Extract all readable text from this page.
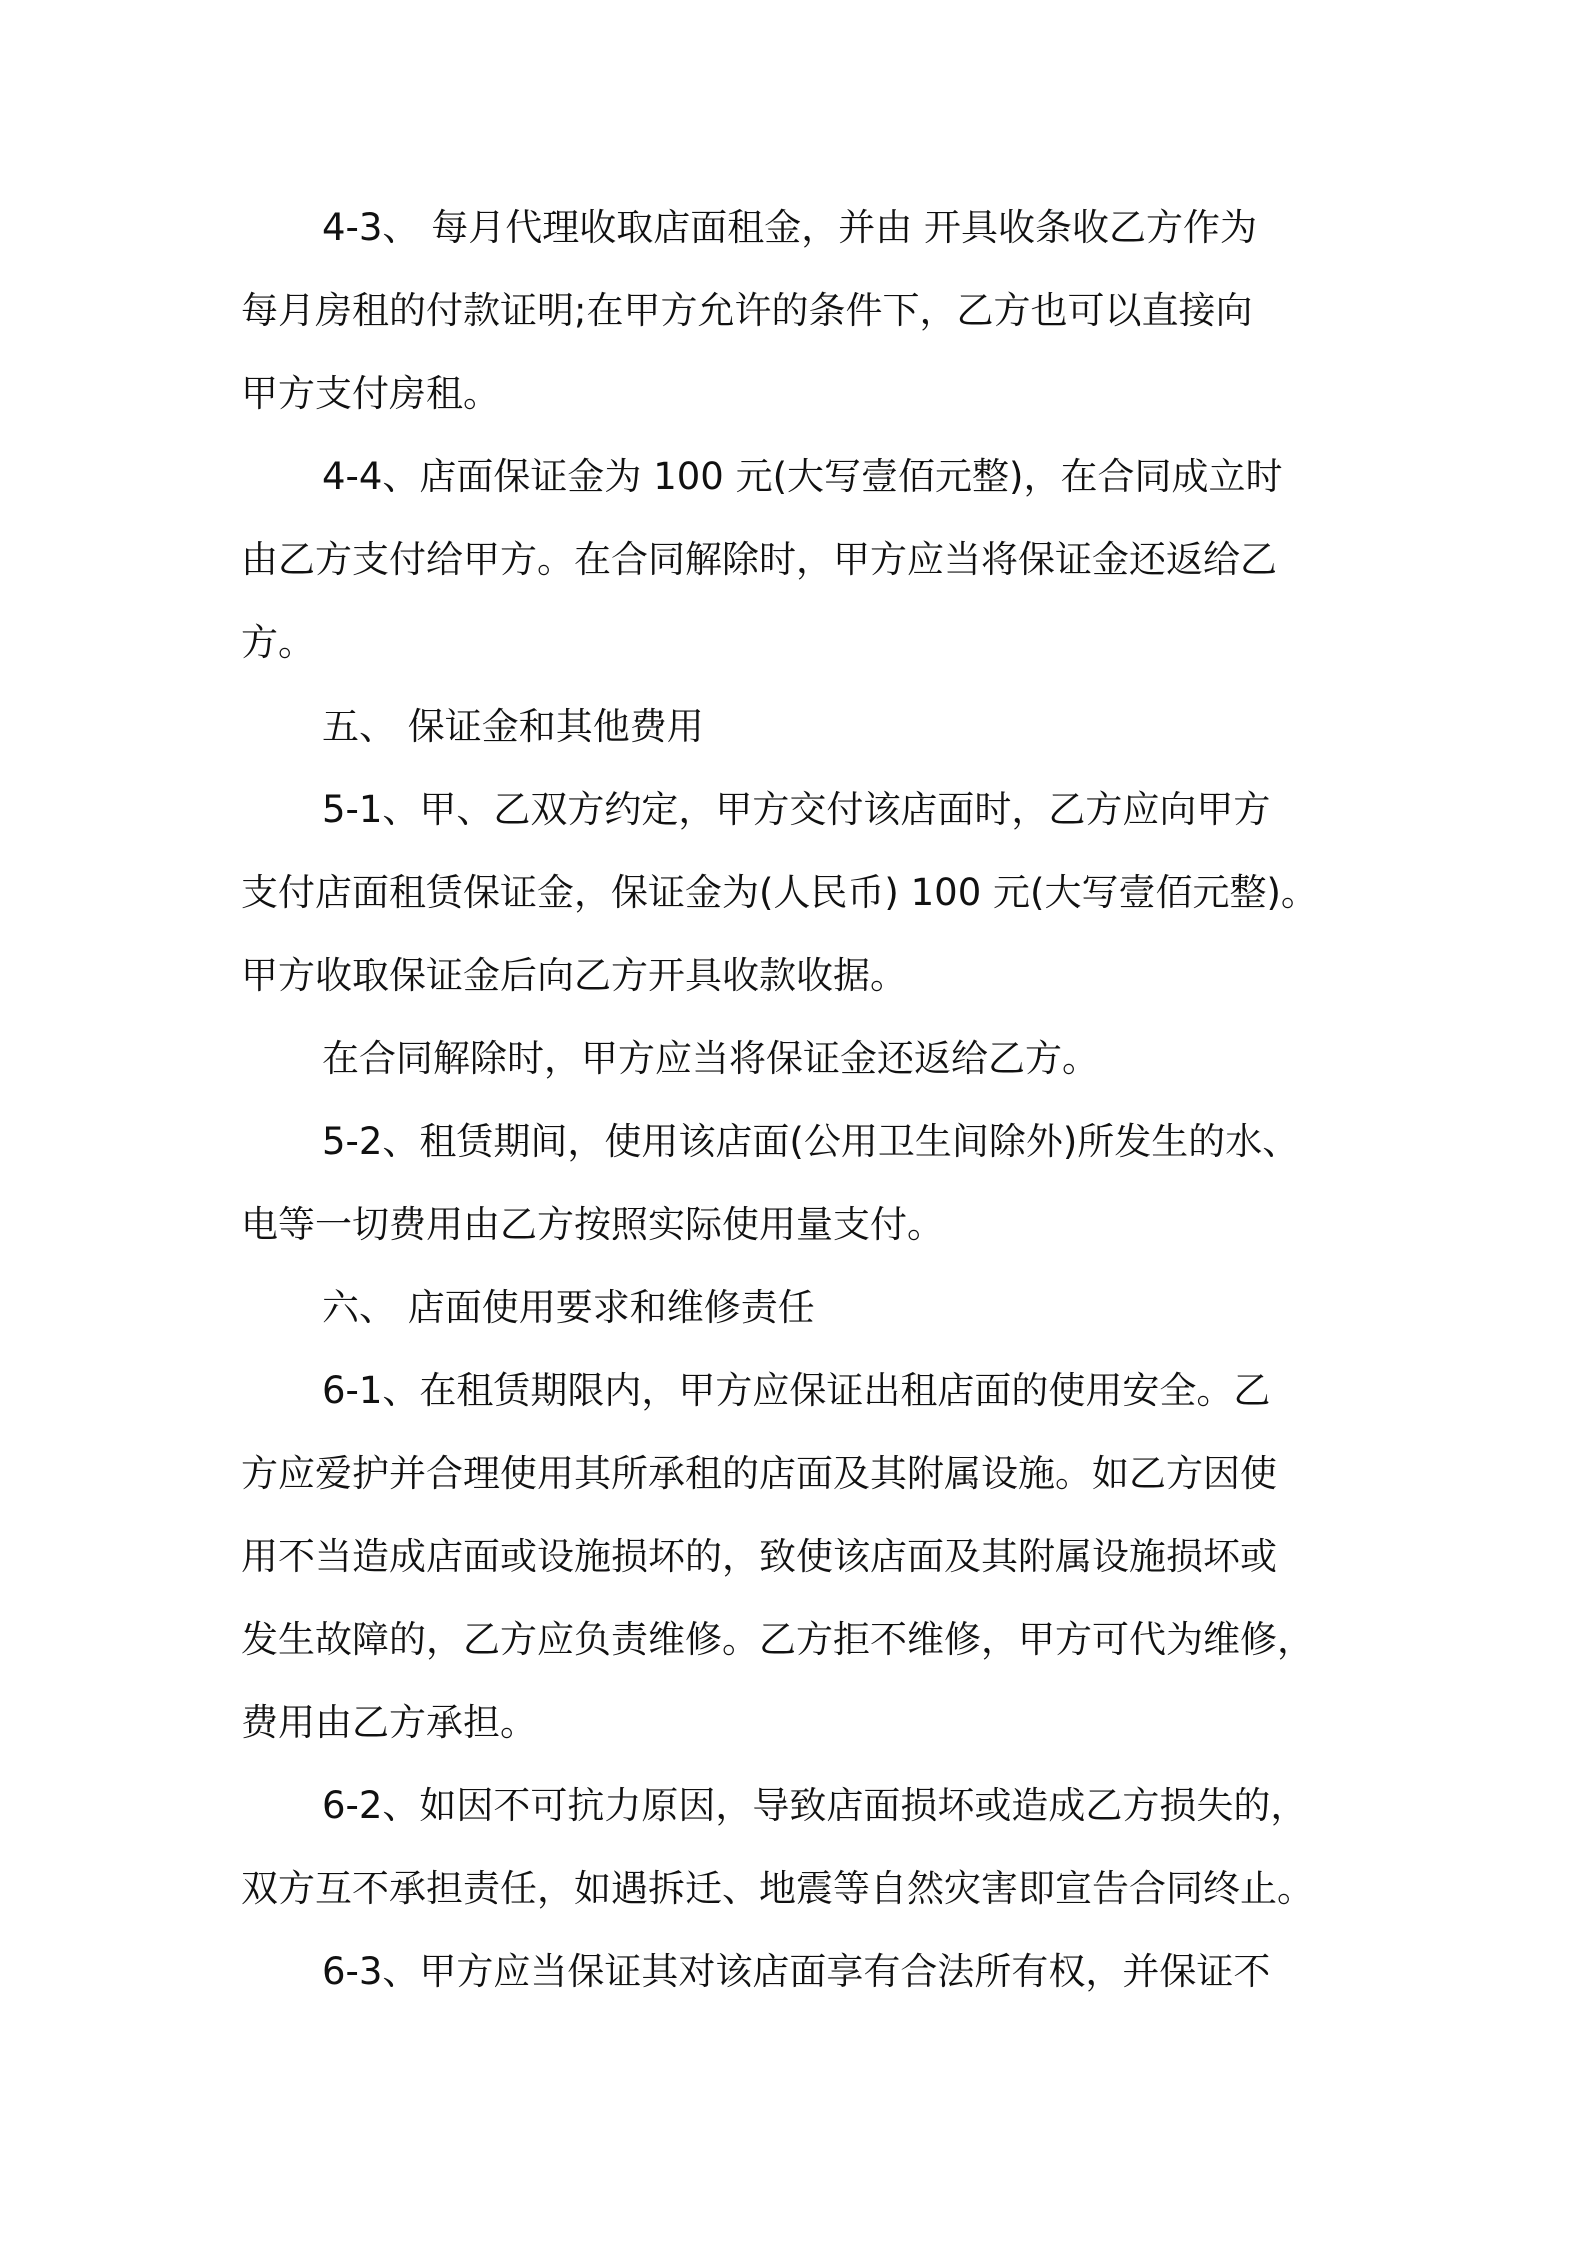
4-3、 每月代理收取店面租金，并由 开具收条收乙方作为
每月房租的付款证明;在甲方允许的条件下，乙方也可以直接向
甲方支付房租。
4-4、店面保证金为 100 元(大写壹佰元整)，在合同成立时
由乙方支付给甲方。在合同解除时，甲方应当将保证金还返给乙
方。
五、 保证金和其他费用
5-1、甲、乙双方约定，甲方交付该店面时，乙方应向甲方
支付店面租赁保证金，保证金为(人民币) 100 元(大写壹佰元整)。
甲方收取保证金后向乙方开具收款收据。
在合同解除时，甲方应当将保证金还返给乙方。
5-2、租赁期间，使用该店面(公用卫生间除外)所发生的水、
电等一切费用由乙方按照实际使用量支付。
六、 店面使用要求和维修责任
6-1、在租赁期限内，甲方应保证出租店面的使用安全。乙
方应爱护并合理使用其所承租的店面及其附属设施。如乙方因使
用不当造成店面或设施损坏的，致使该店面及其附属设施损坏或
发生故障的，乙方应负责维修。乙方拒不维修，甲方可代为维修，
费用由乙方承担。
6-2、如因不可抗力原因，导致店面损坏或造成乙方损失的，
双方互不承担责任，如遇拆迁、地震等自然灾害即宣告合同终止。
6-3、甲方应当保证其对该店面享有合法所有权，并保证不
